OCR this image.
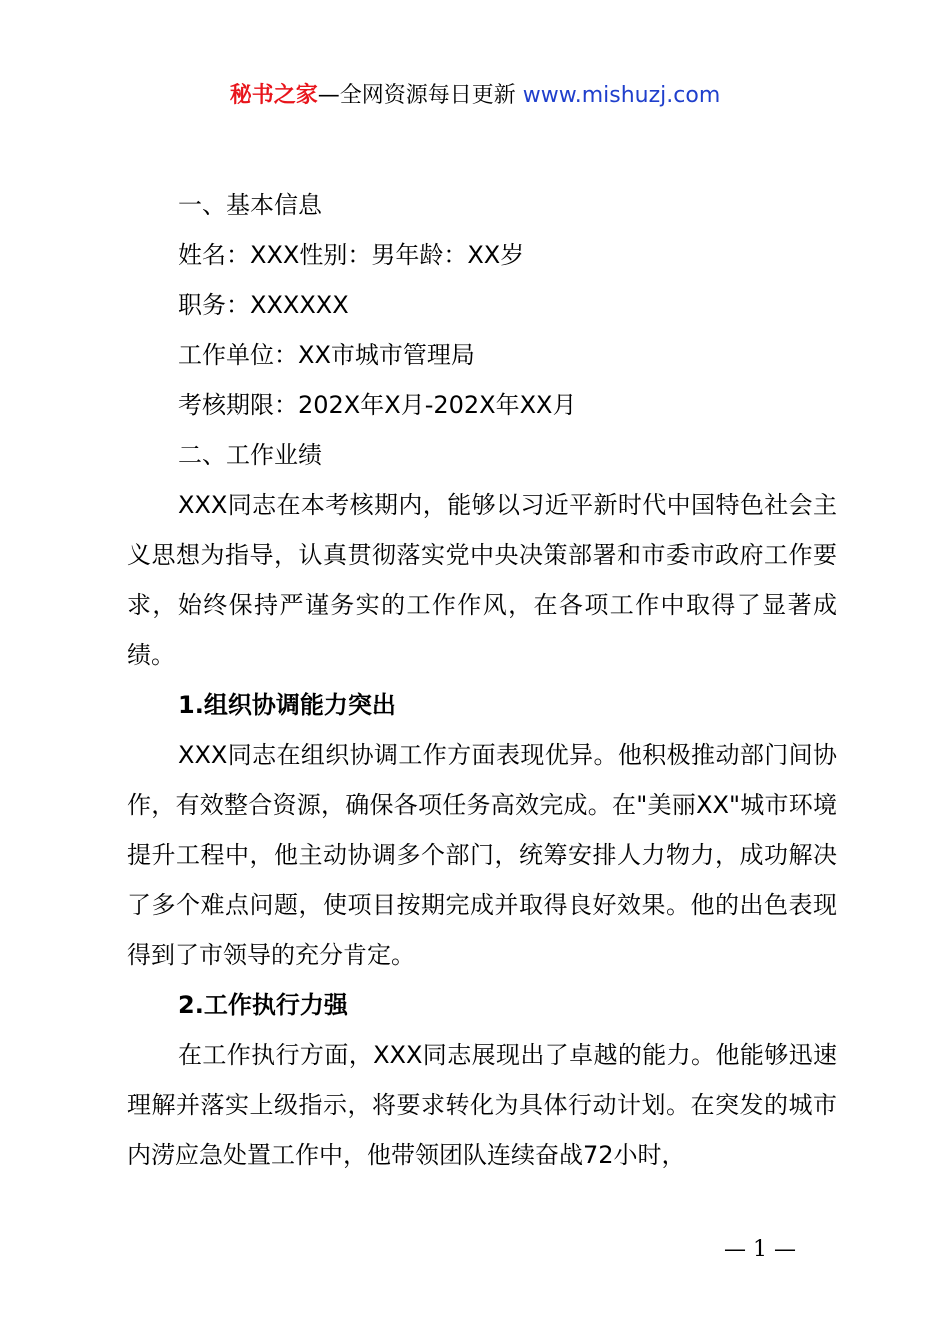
秘书之家—全网资源每日更新 www.mishuzj.com

一、基本信息

姓名：XXX性别：男年龄：XX岁

职务：XXXXXX

工作单位：XX市城市管理局

考核期限：202X年X月-202X年XX月

二、工作业绩

XXX同志在本考核期内，能够以习近平新时代中国特色社会主义思想为指导，认真贯彻落实党中央决策部署和市委市政府工作要求，始终保持严谨务实的工作作风，在各项工作中取得了显著成绩。

1.组织协调能力突出

XXX同志在组织协调工作方面表现优异。他积极推动部门间协作，有效整合资源，确保各项任务高效完成。在"美丽XX"城市环境提升工程中，他主动协调多个部门，统筹安排人力物力，成功解决了多个难点问题，使项目按期完成并取得良好效果。他的出色表现得到了市领导的充分肯定。

2.工作执行力强

在工作执行方面，XXX同志展现出了卓越的能力。他能够迅速理解并落实上级指示，将要求转化为具体行动计划。在突发的城市内涝应急处置工作中，他带领团队连续奋战72小时，

— 1 —
